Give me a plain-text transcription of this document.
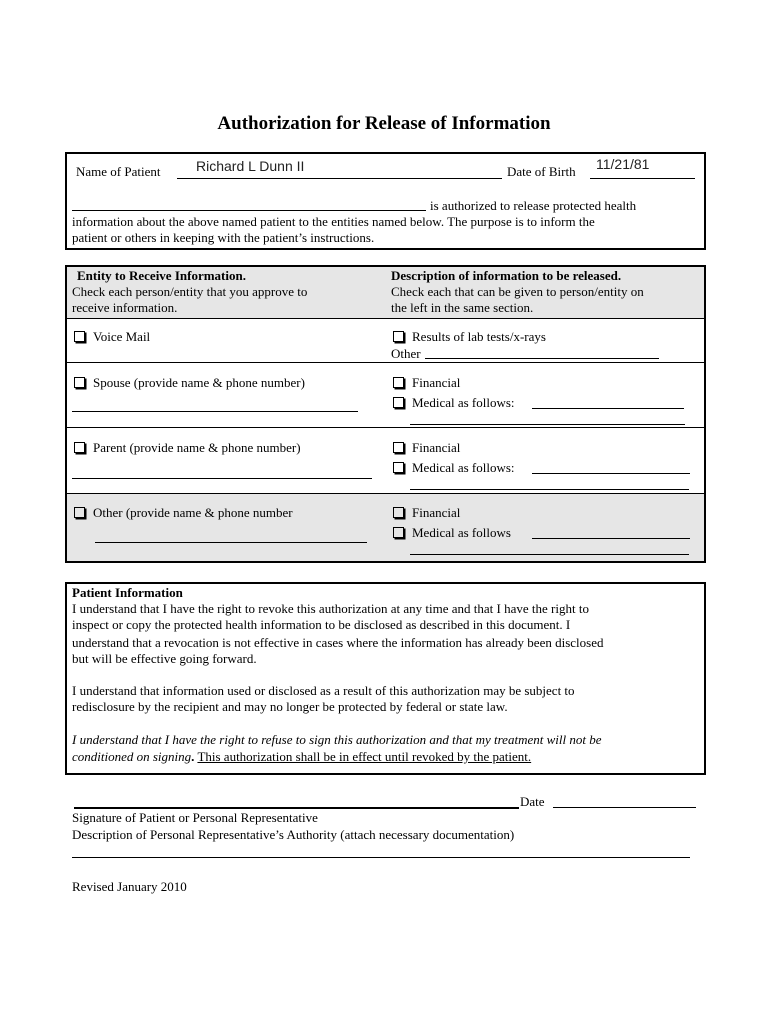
Authorization for Release of Information
Name of Patient	Richard L Dunn II	Date of Birth 11/21/81
is authorized to release protected health
information about the above named patient to the entities named below. The purpose is to inform the
patient or others in keeping with the patient’s instructions.
Entity to Receive Information.
Check each person/entity that you approve to
receive information.
Description of information to be released.
Check each that can be given to person/entity on
the left in the same section.
Voice Mail	Results of lab tests/x-rays
Other
Spouse (provide name & phone number)	Financial
Medical as follows:
Parent (provide name & phone number)	Financial
Medical as follows:
Other (provide name & phone number	Financial
Medical as follows
Patient Information
I understand that I have the right to revoke this authorization at any time and that I have the right to
inspect or copy the protected health information to be disclosed as described in this document. I
understand that a revocation is not effective in cases where the information has already been disclosed
but will be effective going forward.
I understand that information used or disclosed as a result of this authorization may be subject to
redisclosure by the recipient and may no longer be protected by federal or state law.
I understand that I have the right to refuse to sign this authorization and that my treatment will not be
conditioned on signing. This authorization shall be in effect until revoked by the patient.
Date
Signature of Patient or Personal Representative
Description of Personal Representative’s Authority (attach necessary documentation)
Revised January 2010
